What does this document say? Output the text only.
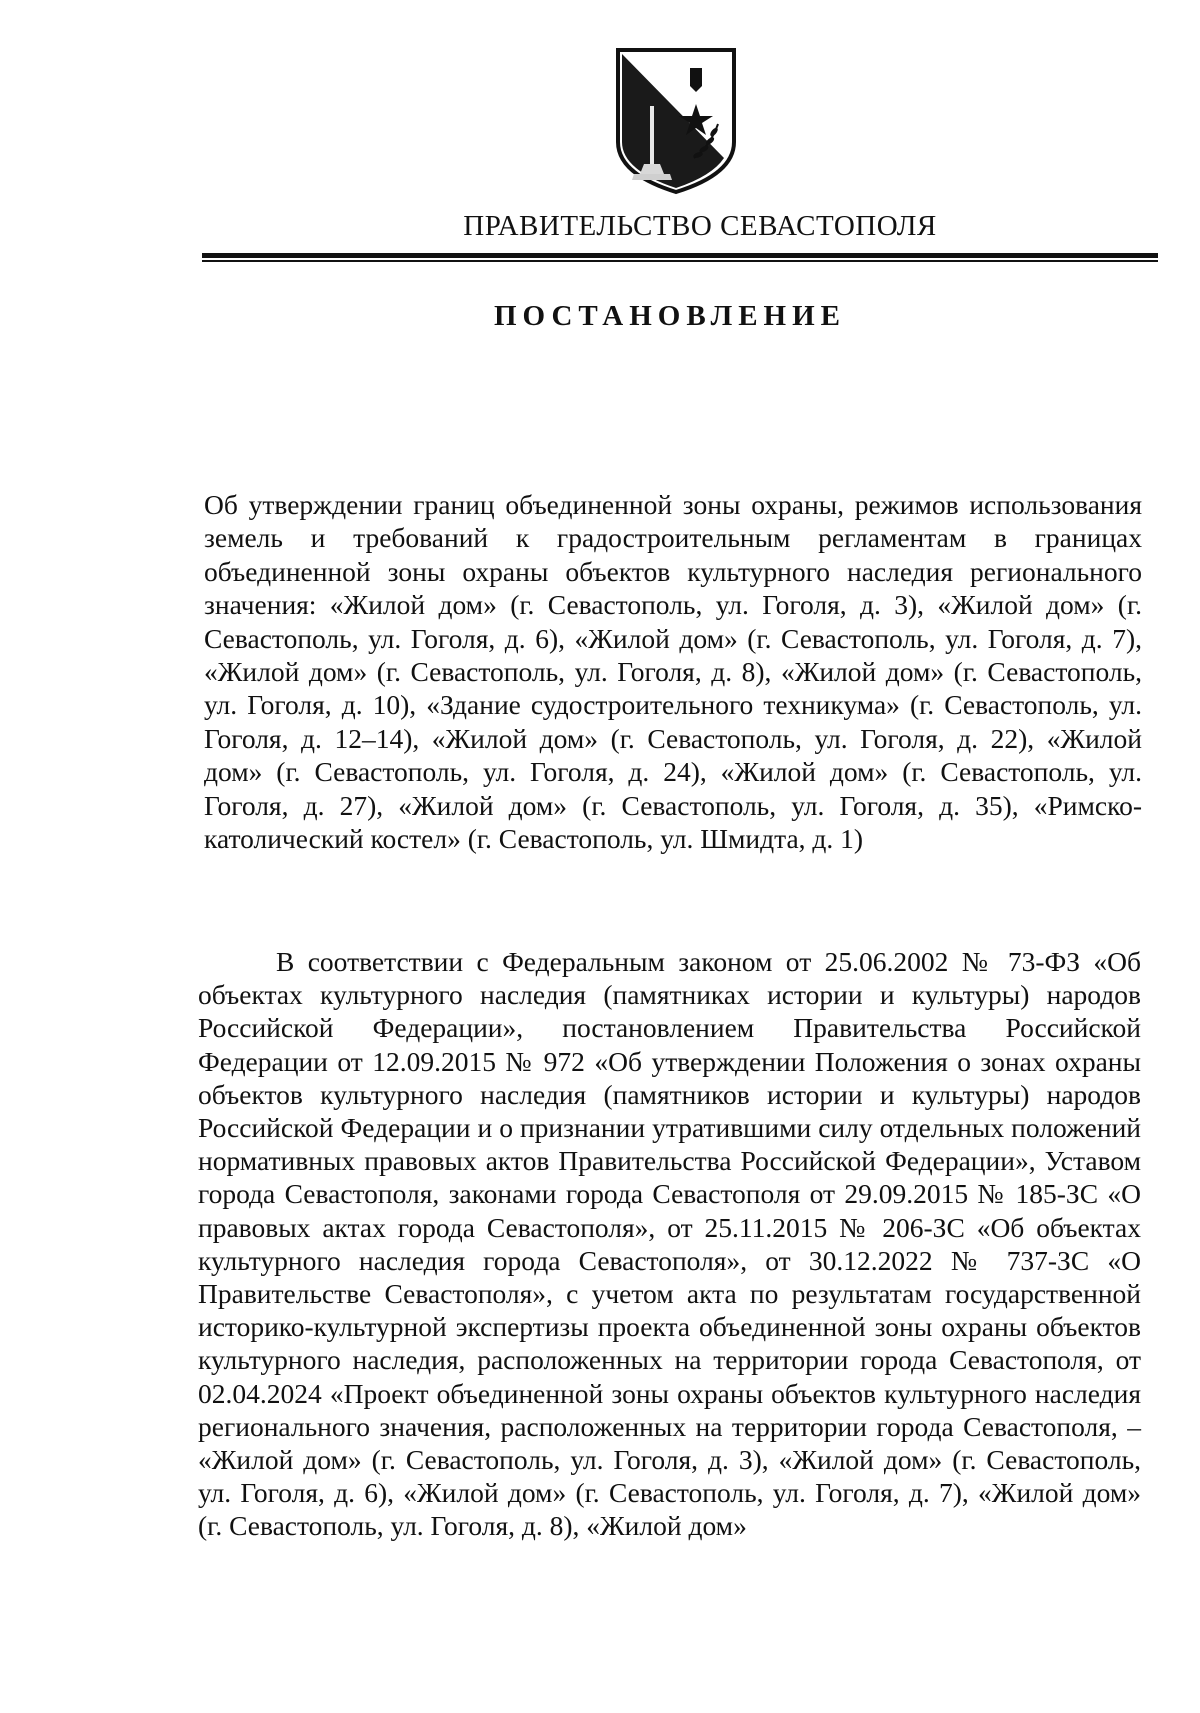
ПРАВИТЕЛЬСТВО СЕВАСТОПОЛЯ
ПОСТАНОВЛЕНИЕ

Об утверждении границ объединенной зоны охраны, режимов использования земель и требований к градостроительным регламентам в границах объединенной зоны охраны объектов культурного наследия регионального значения: «Жилой дом» (г. Севастополь, ул. Гоголя, д. 3), «Жилой дом» (г. Севастополь, ул. Гоголя, д. 6), «Жилой дом» (г. Севастополь, ул. Гоголя, д. 7), «Жилой дом» (г. Севастополь, ул. Гоголя, д. 8), «Жилой дом» (г. Севастополь, ул. Гоголя, д. 10), «Здание судостроительного техникума» (г. Севастополь, ул. Гоголя, д. 12–14), «Жилой дом» (г. Севастополь, ул. Гоголя, д. 22), «Жилой дом» (г. Севастополь, ул. Гоголя, д. 24), «Жилой дом» (г. Севастополь, ул. Гоголя, д. 27), «Жилой дом» (г. Севастополь, ул. Гоголя, д. 35), «Римско-католический костел» (г. Севастополь, ул. Шмидта, д. 1)

В соответствии с Федеральным законом от 25.06.2002 № 73-ФЗ «Об объектах культурного наследия (памятниках истории и культуры) народов Российской Федерации», постановлением Правительства Российской Федерации от 12.09.2015 № 972 «Об утверждении Положения о зонах охраны объектов культурного наследия (памятников истории и культуры) народов Российской Федерации и о признании утратившими силу отдельных положений нормативных правовых актов Правительства Российской Федерации», Уставом города Севастополя, законами города Севастополя от 29.09.2015 № 185-ЗС «О правовых актах города Севастополя», от 25.11.2015 № 206-ЗС «Об объектах культурного наследия города Севастополя», от 30.12.2022 № 737-ЗС «О Правительстве Севастополя», с учетом акта по результатам государственной историко-культурной экспертизы проекта объединенной зоны охраны объектов культурного наследия, расположенных на территории города Севастополя, от 02.04.2024 «Проект объединенной зоны охраны объектов культурного наследия регионального значения, расположенных на территории города Севастополя, – «Жилой дом» (г. Севастополь, ул. Гоголя, д. 3), «Жилой дом» (г. Севастополь, ул. Гоголя, д. 6), «Жилой дом» (г. Севастополь, ул. Гоголя, д. 7), «Жилой дом» (г. Севастополь, ул. Гоголя, д. 8), «Жилой дом»
